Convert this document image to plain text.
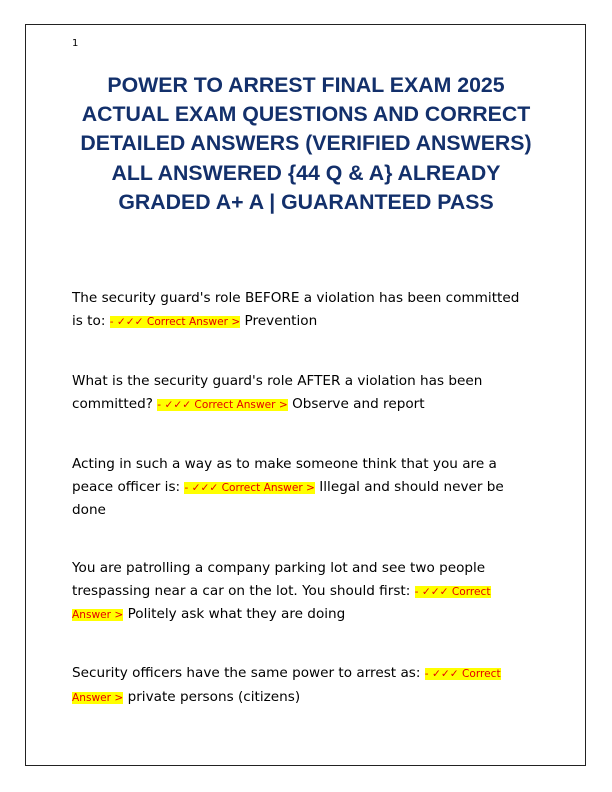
1
POWER TO ARREST FINAL EXAM 2025
ACTUAL EXAM QUESTIONS AND CORRECT
DETAILED ANSWERS (VERIFIED ANSWERS)
ALL ANSWERED {44 Q & A} ALREADY
GRADED A+ A | GUARANTEED PASS
The security guard's role BEFORE a violation has been committed
is to: - ✓✓✓ Correct Answer > Prevention
What is the security guard's role AFTER a violation has been
committed? - ✓✓✓ Correct Answer > Observe and report
Acting in such a way as to make someone think that you are a
peace officer is: - ✓✓✓ Correct Answer > Illegal and should never be
done
You are patrolling a company parking lot and see two people
trespassing near a car on the lot. You should first: - ✓✓✓ Correct
Answer > Politely ask what they are doing
Security officers have the same power to arrest as: - ✓✓✓ Correct
Answer > private persons (citizens)
